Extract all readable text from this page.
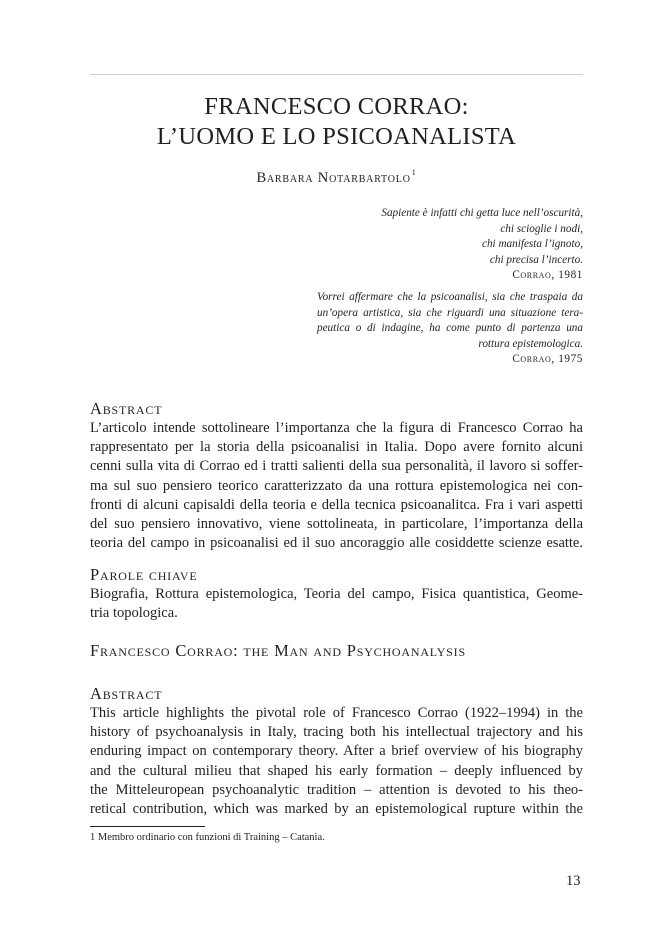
FRANCESCO CORRAO:
L’UOMO E LO PSICOANALISTA
Barbara Notarbartolo$^1$
Sapiente è infatti chi getta luce nell’oscurità,
chi scioglie i nodi,
chi manifesta l’ignoto,
chi precisa l’incerto.
Corrao, 1981
Vorrei affermare che la psicoanalisi, sia che traspaia da
un’opera artistica, sia che riguardi una situazione tera-
peutica o di indagine, ha come punto di partenza una
rottura epistemologica.
Corrao, 1975
Abstract
L’articolo intende sottolineare l’importanza che la figura di Francesco Corrao ha
rappresentato per la storia della psicoanalisi in Italia. Dopo avere fornito alcuni
cenni sulla vita di Corrao ed i tratti salienti della sua personalità, il lavoro si soffer-
ma sul suo pensiero teorico caratterizzato da una rottura epistemologica nei con-
fronti di alcuni capisaldi della teoria e della tecnica psicoanalitca. Fra i vari aspetti
del suo pensiero innovativo, viene sottolineata, in particolare, l’importanza della
teoria del campo in psicoanalisi ed il suo ancoraggio alle cosiddette scienze esatte.
Parole chiave
Biografia, Rottura epistemologica, Teoria del campo, Fisica quantistica, Geome-
tria topologica.
Francesco Corrao: the Man and Psychoanalysis
Abstract
This article highlights the pivotal role of Francesco Corrao (1922–1994) in the
history of psychoanalysis in Italy, tracing both his intellectual trajectory and his
enduring impact on contemporary theory. After a brief overview of his biography
and the cultural milieu that shaped his early formation – deeply influenced by
the Mitteleuropean psychoanalytic tradition – attention is devoted to his theo-
retical contribution, which was marked by an epistemological rupture within the
1 Membro ordinario con funzioni di Training – Catania.
13
